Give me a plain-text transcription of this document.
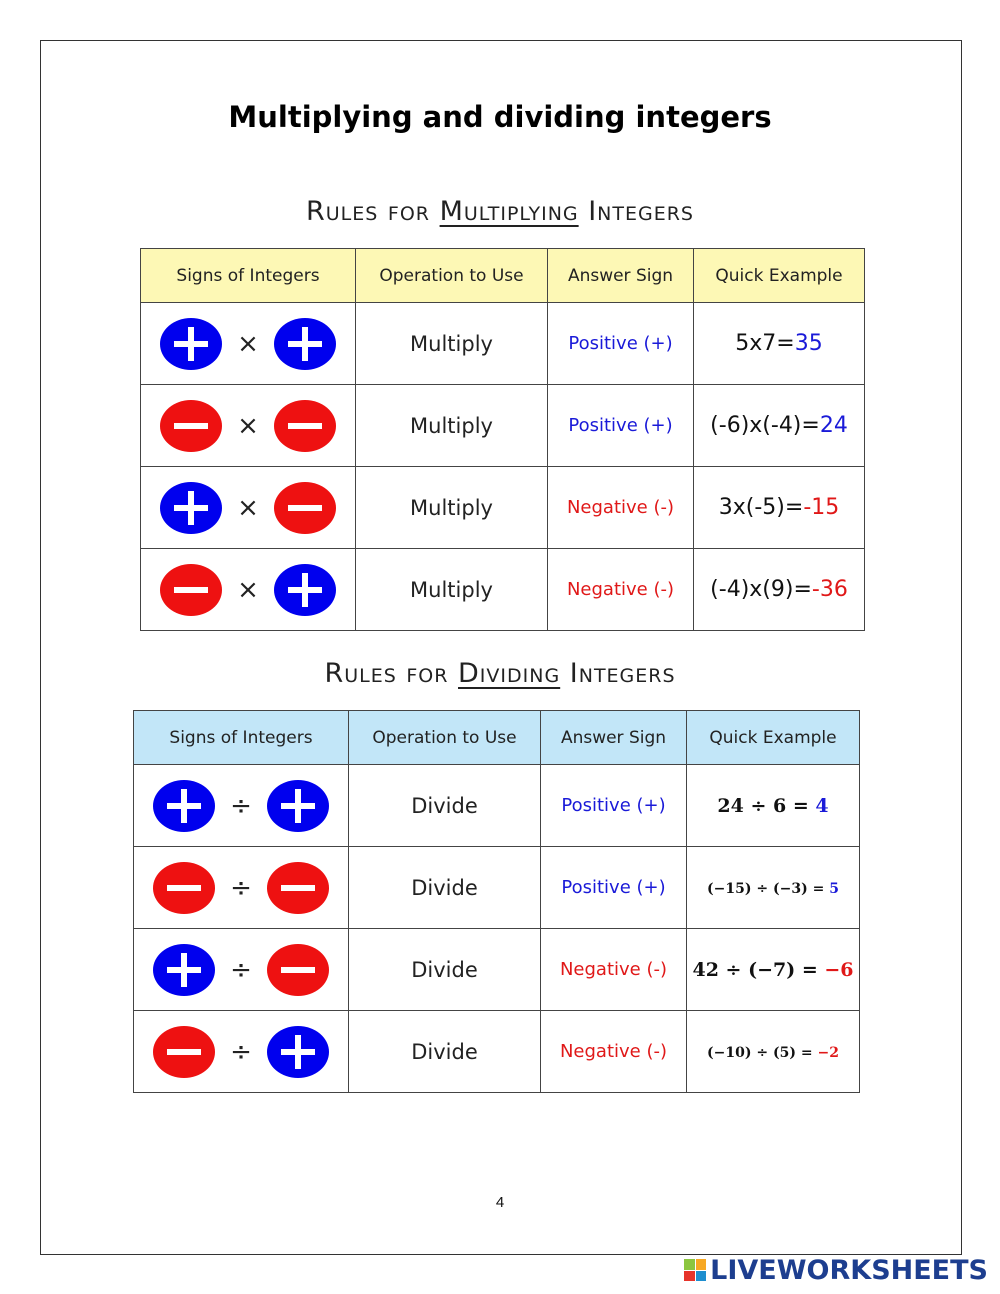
Multiplying and dividing integers
Rules for Multiplying Integers
Signs of Integers	Operation to Use	Answer Sign	Quick Example

×	Multiply	Positive (+)	5x7=35

×	Multiply	Positive (+)	(-6)x(-4)=24

×	Multiply	Negative (-)	3x(-5)=-15

×	Multiply	Negative (-)	(-4)x(9)=-36
Rules for Dividing Integers
Signs of Integers	Operation to Use	Answer Sign	Quick Example

÷	Divide	Positive (+)	24 ÷ 6 = 4

÷	Divide	Positive (+)	(−15) ÷ (−3) = 5

÷	Divide	Negative (-)	42 ÷ (−7) = −6

÷	Divide	Negative (-)	(−10) ÷ (5) = −2
4
LIVEWORKSHEETS
